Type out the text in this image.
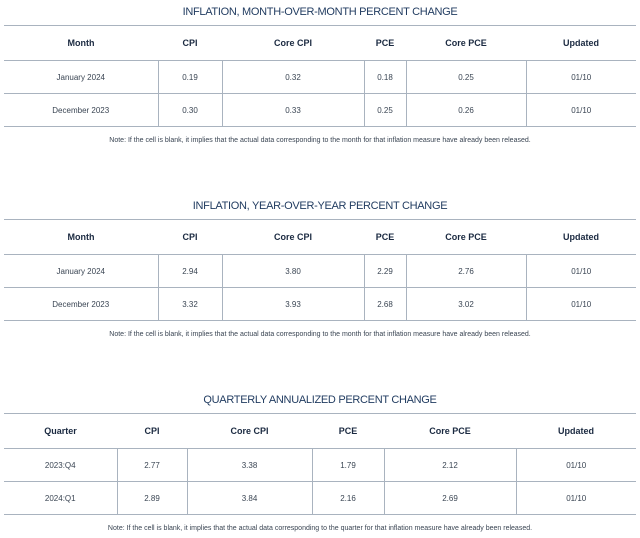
INFLATION, MONTH-OVER-MONTH PERCENT CHANGE
Month	CPI	Core CPI	PCE	Core PCE	Updated
January 2024	0.19	0.32	0.18	0.25	01/10
December 2023	0.30	0.33	0.25	0.26	01/10
Note: If the cell is blank, it implies that the actual data corresponding to the month for that inflation measure have already been released.
INFLATION, YEAR-OVER-YEAR PERCENT CHANGE
Month	CPI	Core CPI	PCE	Core PCE	Updated
January 2024	2.94	3.80	2.29	2.76	01/10
December 2023	3.32	3.93	2.68	3.02	01/10
Note: If the cell is blank, it implies that the actual data corresponding to the month for that inflation measure have already been released.
QUARTERLY ANNUALIZED PERCENT CHANGE
Quarter	CPI	Core CPI	PCE	Core PCE	Updated
2023:Q4	2.77	3.38	1.79	2.12	01/10
2024:Q1	2.89	3.84	2.16	2.69	01/10
Note: If the cell is blank, it implies that the actual data corresponding to the quarter for that inflation measure have already been released.
